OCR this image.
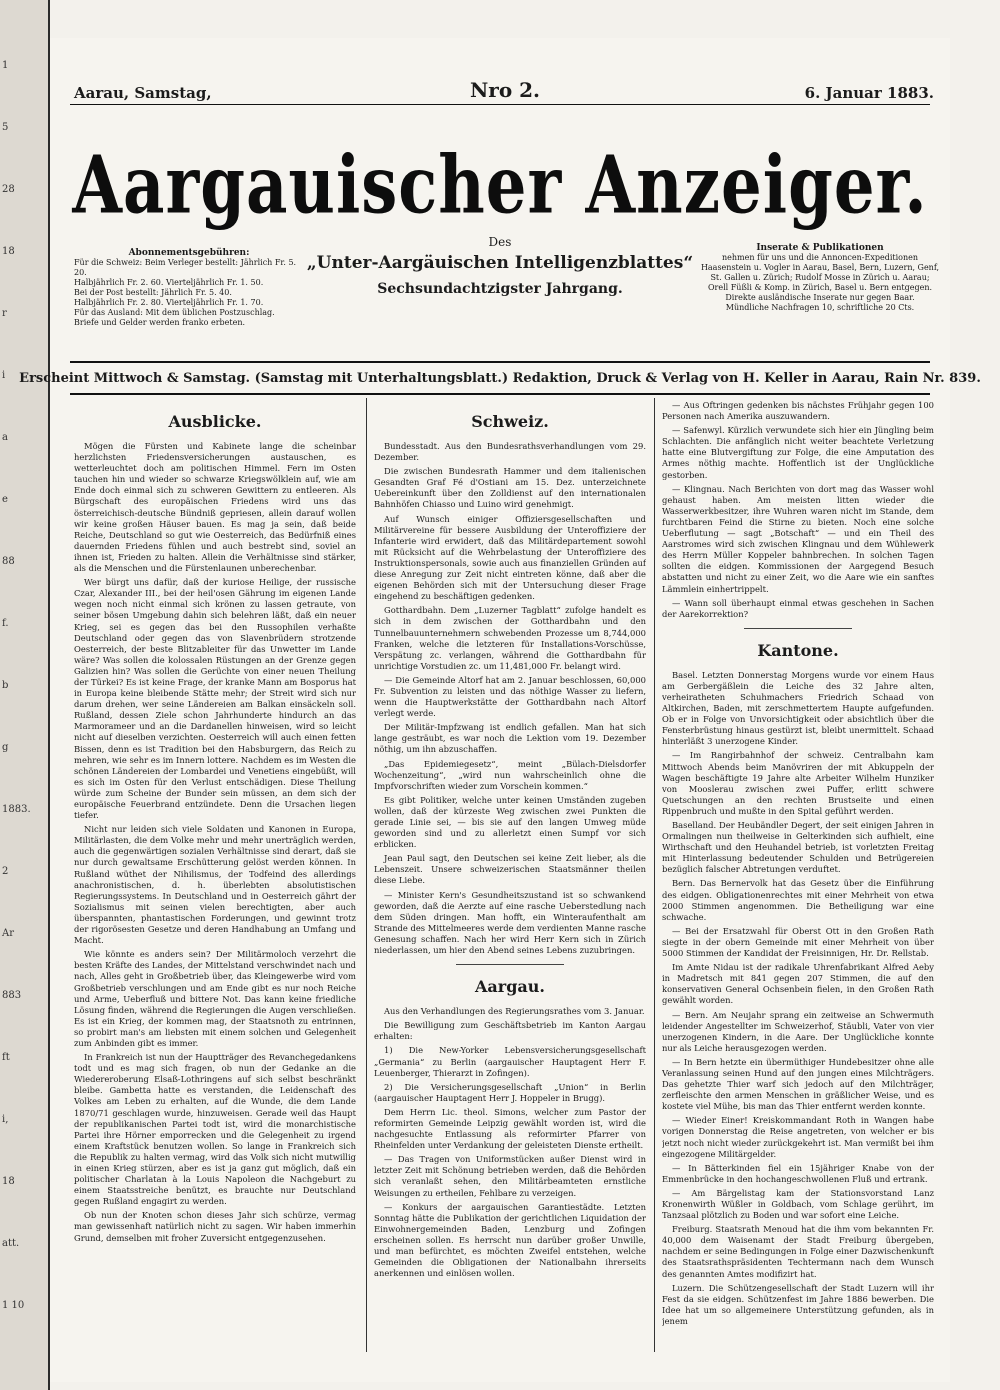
1
5
28
18
r
i
a
e
88
f.
b
g
1883.
2
Ar
883
ft
i,
18
att.
1 10
Aarau, Samstag,	Nro 2.	6. Januar 1883.
Aargauischer Anzeiger.
Des
„Unter-Aargäuischen Intelligenzblattes“
Sechsundachtzigster Jahrgang.
Abonnementsgebühren:
Für die Schweiz: Beim Verleger bestellt: Jährlich Fr. 5. 20.
Halbjährlich Fr. 2. 60. Vierteljährlich Fr. 1. 50.
Bei der Post bestellt: Jährlich Fr. 5. 40.
Halbjährlich Fr. 2. 80. Vierteljährlich Fr. 1. 70.
Für das Ausland: Mit dem üblichen Postzuschlag.
Briefe und Gelder werden franko erbeten.
Inserate & Publikationen
nehmen für uns und die Annoncen-Expeditionen Haasenstein u. Vogler in Aarau, Basel, Bern, Luzern, Genf,
St. Gallen u. Zürich; Rudolf Mosse in Zürich u. Aarau;
Orell Füßli & Komp. in Zürich, Basel u. Bern entgegen.
Direkte ausländische Inserate nur gegen Baar.
Mündliche Nachfragen 10, schriftliche 20 Cts.
Erscheint Mittwoch & Samstag. (Samstag mit Unterhaltungsblatt.) Redaktion, Druck & Verlag von H. Keller in Aarau, Rain Nr. 839.
Ausblicke.

Mögen die Fürsten und Kabinete lange die scheinbar herzlichsten Friedensversicherungen austauschen, es wetterleuchtet doch am politischen Himmel. Fern im Osten tauchen hin und wieder so schwarze Kriegswölklein auf, wie am Ende doch einmal sich zu schweren Gewittern zu entleeren. Als Bürgschaft des europäischen Friedens wird uns das österreichisch-deutsche Bündniß gepriesen, allein darauf wollen wir keine großen Häuser bauen. Es mag ja sein, daß beide Reiche, Deutschland so gut wie Oesterreich, das Bedürfniß eines dauernden Friedens fühlen und auch bestrebt sind, soviel an ihnen ist, Frieden zu halten. Allein die Verhältnisse sind stärker, als die Menschen und die Fürstenlaunen unberechenbar.

Wer bürgt uns dafür, daß der kuriose Heilige, der russische Czar, Alexander III., bei der heil'osen Gährung im eigenen Lande wegen noch nicht einmal sich krönen zu lassen getraute, von seiner bösen Umgebung dahin sich belehren läßt, daß ein neuer Krieg, sei es gegen das bei den Russophilen verhaßte Deutschland oder gegen das von Slavenbrüdern strotzende Oesterreich, der beste Blitzableiter für das Unwetter im Lande wäre? Was sollen die kolossalen Rüstungen an der Grenze gegen Galizien hin? Was sollen die Gerüchte von einer neuen Theilung der Türkei? Es ist keine Frage, der kranke Mann am Bosporus hat in Europa keine bleibende Stätte mehr; der Streit wird sich nur darum drehen, wer seine Ländereien am Balkan einsäckeln soll. Rußland, dessen Ziele schon Jahrhunderte hindurch an das Marmorameer und an die Dardanellen hinweisen, wird so leicht nicht auf dieselben verzichten. Oesterreich will auch einen fetten Bissen, denn es ist Tradition bei den Habsburgern, das Reich zu mehren, wie sehr es im Innern lottere. Nachdem es im Westen die schönen Ländereien der Lombardei und Venetiens eingebüßt, will es sich im Osten für den Verlust entschädigen. Diese Theilung würde zum Scheine der Bunder sein müssen, an dem sich der europäische Feuerbrand entzündete. Denn die Ursachen liegen tiefer.

Nicht nur leiden sich viele Soldaten und Kanonen in Europa, Militärlasten, die dem Volke mehr und mehr unerträglich werden, auch die gegenwärtigen sozialen Verhältnisse sind derart, daß sie nur durch gewaltsame Erschütterung gelöst werden können. In Rußland wüthet der Nihilismus, der Todfeind des allerdings anachronistischen, d. h. überlebten absolutistischen Regierungssystems. In Deutschland und in Oesterreich gährt der Sozialismus mit seinen vielen berechtigten, aber auch überspannten, phantastischen Forderungen, und gewinnt trotz der rigorösesten Gesetze und deren Handhabung an Umfang und Macht.

Wie könnte es anders sein? Der Militärmoloch verzehrt die besten Kräfte des Landes, der Mittelstand verschwindet nach und nach, Alles geht in Großbetrieb über, das Kleingewerbe wird vom Großbetrieb verschlungen und am Ende gibt es nur noch Reiche und Arme, Ueberfluß und bittere Not. Das kann keine friedliche Lösung finden, während die Regierungen die Augen verschließen. Es ist ein Krieg, der kommen mag, der Staatsnoth zu entrinnen, so probirt man's am liebsten mit einem solchen und Gelegenheit zum Anbinden gibt es immer.

In Frankreich ist nun der Hauptträger des Revanchegedankens todt und es mag sich fragen, ob nun der Gedanke an die Wiedereroberung Elsaß-Lothringens auf sich selbst beschränkt bleibe. Gambetta hatte es verstanden, die Leidenschaft des Volkes am Leben zu erhalten, auf die Wunde, die dem Lande 1870/71 geschlagen wurde, hinzuweisen. Gerade weil das Haupt der republikanischen Partei todt ist, wird die monarchistische Partei ihre Hörner emporrecken und die Gelegenheit zu irgend einem Kraftstück benutzen wollen. So lange in Frankreich sich die Republik zu halten vermag, wird das Volk sich nicht mutwillig in einen Krieg stürzen, aber es ist ja ganz gut möglich, daß ein politischer Charlatan à la Louis Napoleon die Nachgeburt zu einem Staatsstreiche benützt, es brauchte nur Deutschland gegen Rußland engagirt zu werden.

Ob nun der Knoten schon dieses Jahr sich schürze, vermag man gewissenhaft natürlich nicht zu sagen. Wir haben immerhin Grund, demselben mit froher Zuversicht entgegenzusehen.

Schweiz.

Bundesstadt. Aus den Bundesrathsverhandlungen vom 29. Dezember.

Die zwischen Bundesrath Hammer und dem italienischen Gesandten Graf Fé d'Ostiani am 15. Dez. unterzeichnete Uebereinkunft über den Zolldienst auf den internationalen Bahnhöfen Chiasso und Luino wird genehmigt.

Auf Wunsch einiger Offiziersgesellschaften und Militärvereine für bessere Ausbildung der Unteroffiziere der Infanterie wird erwidert, daß das Militärdepartement sowohl mit Rücksicht auf die Wehrbelastung der Unteroffiziere des Instruktionspersonals, sowie auch aus finanziellen Gründen auf diese Anregung zur Zeit nicht eintreten könne, daß aber die eigenen Behörden sich mit der Untersuchung dieser Frage eingehend zu beschäftigen gedenken.

Gotthardbahn. Dem „Luzerner Tagblatt“ zufolge handelt es sich in dem zwischen der Gotthardbahn und den Tunnelbauunternehmern schwebenden Prozesse um 8,744,000 Franken, welche die letzteren für Installations-Vorschüsse, Verspätung zc. verlangen, während die Gotthardbahn für unrichtige Vorstudien zc. um 11,481,000 Fr. belangt wird.

— Die Gemeinde Altorf hat am 2. Januar beschlossen, 60,000 Fr. Subvention zu leisten und das nöthige Wasser zu liefern, wenn die Hauptwerkstätte der Gotthardbahn nach Altorf verlegt werde.

Der Militär-Impfzwang ist endlich gefallen. Man hat sich lange gesträubt, es war noch die Lektion vom 19. Dezember nöthig, um ihn abzuschaffen.

„Das Epidemiegesetz“, meint „Bülach-Dielsdorfer Wochenzeitung“, „wird nun wahrscheinlich ohne die Impfvorschriften wieder zum Vorschein kommen.“

Es gibt Politiker, welche unter keinen Umständen zugeben wollen, daß der kürzeste Weg zwischen zwei Punkten die gerade Linie sei, — bis sie auf den langen Umweg müde geworden sind und zu allerletzt einen Sumpf vor sich erblicken.

Jean Paul sagt, den Deutschen sei keine Zeit lieber, als die Lebenszeit. Unsere schweizerischen Staatsmänner theilen diese Liebe.

— Minister Kern's Gesundheitszustand ist so schwankend geworden, daß die Aerzte auf eine rasche Ueberstedlung nach dem Süden dringen. Man hofft, ein Winteraufenthalt am Strande des Mittelmeeres werde dem verdienten Manne rasche Genesung schaffen. Nach her wird Herr Kern sich in Zürich niederlassen, um hier den Abend seines Lebens zuzubringen.

Aargau.

Aus den Verhandlungen des Regierungsrathes vom 3. Januar.

Die Bewilligung zum Geschäftsbetrieb im Kanton Aargau erhalten:

1) Die New-Yorker Lebensversicherungsgesellschaft „Germania“ zu Berlin (aargauischer Hauptagent Herr F. Leuenberger, Thierarzt in Zofingen).

2) Die Versicherungsgesellschaft „Union“ in Berlin (aargauischer Hauptagent Herr J. Hoppeler in Brugg).

Dem Herrn Lic. theol. Simons, welcher zum Pastor der reformirten Gemeinde Leipzig gewählt worden ist, wird die nachgesuchte Entlassung als reformirter Pfarrer von Rheinfelden unter Verdankung der geleisteten Dienste ertheilt.

— Das Tragen von Uniformstücken außer Dienst wird in letzter Zeit mit Schönung betrieben werden, daß die Behörden sich veranlaßt sehen, den Militärbeamteten ernstliche Weisungen zu ertheilen, Fehlbare zu verzeigen.

— Konkurs der aargauischen Garantiestädte. Letzten Sonntag hätte die Publikation der gerichtlichen Liquidation der Einwohnergemeinden Baden, Lenzburg und Zofingen erscheinen sollen. Es herrscht nun darüber großer Unwille, und man befürchtet, es möchten Zweifel entstehen, welche Gemeinden die Obligationen der Nationalbahn ihrerseits anerkennen und einlösen wollen.

— Aus Oftringen gedenken bis nächstes Frühjahr gegen 100 Personen nach Amerika auszuwandern.

— Safenwyl. Kürzlich verwundete sich hier ein Jüngling beim Schlachten. Die anfänglich nicht weiter beachtete Verletzung hatte eine Blutvergiftung zur Folge, die eine Amputation des Armes nöthig machte. Hoffentlich ist der Unglückliche gestorben.

— Klingnau. Nach Berichten von dort mag das Wasser wohl gehaust haben. Am meisten litten wieder die Wasserwerkbesitzer, ihre Wuhren waren nicht im Stande, dem furchtbaren Feind die Stirne zu bieten. Noch eine solche Ueberflutung — sagt „Botschaft“ — und ein Theil des Aarstromes wird sich zwischen Klingnau und dem Wühlewerk des Herrn Müller Koppeler bahnbrechen. In solchen Tagen sollten die eidgen. Kommissionen der Aargegend Besuch abstatten und nicht zu einer Zeit, wo die Aare wie ein sanftes Lämmlein einhertrippelt.

— Wann soll überhaupt einmal etwas geschehen in Sachen der Aarekorrektion?

Kantone.

Basel. Letzten Donnerstag Morgens wurde vor einem Haus am Gerbergäßlein die Leiche des 32 Jahre alten, verheiratheten Schuhmachers Friedrich Schaad von Altkirchen, Baden, mit zerschmettertem Haupte aufgefunden. Ob er in Folge von Unvorsichtigkeit oder absichtlich über die Fensterbrüstung hinaus gestürzt ist, bleibt unermittelt. Schaad hinterläßt 3 unerzogene Kinder.

— Im Rangirbahnhof der schweiz. Centralbahn kam Mittwoch Abends beim Manövriren der mit Abkuppeln der Wagen beschäftigte 19 Jahre alte Arbeiter Wilhelm Hunziker von Mooslerau zwischen zwei Puffer, erlitt schwere Quetschungen an den rechten Brustseite und einen Rippenbruch und mußte in den Spital geführt werden.

Baselland. Der Heubändler Degert, der seit einigen Jahren in Ormalingen nun theilweise in Gelterkinden sich aufhielt, eine Wirthschaft und den Heuhandel betrieb, ist vorletzten Freitag mit Hinterlassung bedeutender Schulden und Betrügereien bezüglich falscher Abtretungen verduftet.

Bern. Das Bernervolk hat das Gesetz über die Einführung des eidgen. Obligationenrechtes mit einer Mehrheit von etwa 2000 Stimmen angenommen. Die Betheiligung war eine schwache.

— Bei der Ersatzwahl für Oberst Ott in den Großen Rath siegte in der obern Gemeinde mit einer Mehrheit von über 5000 Stimmen der Kandidat der Freisinnigen, Hr. Dr. Rellstab.

Im Amte Nidau ist der radikale Uhrenfabrikant Alfred Aeby in Madretsch mit 841 gegen 207 Stimmen, die auf den konservativen General Ochsenbein fielen, in den Großen Rath gewählt worden.

— Bern. Am Neujahr sprang ein zeitweise an Schwermuth leidender Angestellter im Schweizerhof, Stäubli, Vater von vier unerzogenen Kindern, in die Aare. Der Unglückliche konnte nur als Leiche herausgezogen werden.

— In Bern hetzte ein übermüthiger Hundebesitzer ohne alle Veranlassung seinen Hund auf den jungen eines Milchträgers. Das gehetzte Thier warf sich jedoch auf den Milchträger, zerfleischte den armen Menschen in gräßlicher Weise, und es kostete viel Mühe, bis man das Thier entfernt werden konnte.

— Wieder Einer! Kreiskommandant Roth in Wangen habe vorigen Donnerstag die Reise angetreten, von welcher er bis jetzt noch nicht wieder zurückgekehrt ist. Man vermißt bei ihm eingezogene Militärgelder.

— In Bätterkinden fiel ein 15jähriger Knabe von der Emmenbrücke in den hochangeschwollenen Fluß und ertrank.

— Am Bärgelistag kam der Stationsvorstand Lanz Kronenwirth Wüßler in Goldbach, vom Schlage gerührt, im Tanzsaal plötzlich zu Boden und war sofort eine Leiche.

Freiburg. Staatsrath Menoud hat die ihm vom bekannten Fr. 40,000 dem Waisenamt der Stadt Freiburg übergeben, nachdem er seine Bedingungen in Folge einer Dazwischenkunft des Staatsrathspräsidenten Techtermann nach dem Wunsch des genannten Amtes modifizirt hat.

Luzern. Die Schützengesellschaft der Stadt Luzern will ihr Fest da sie eidgen. Schützenfest im Jahre 1886 bewerben. Die Idee hat um so allgemeinere Unterstützung gefunden, als in jenem
